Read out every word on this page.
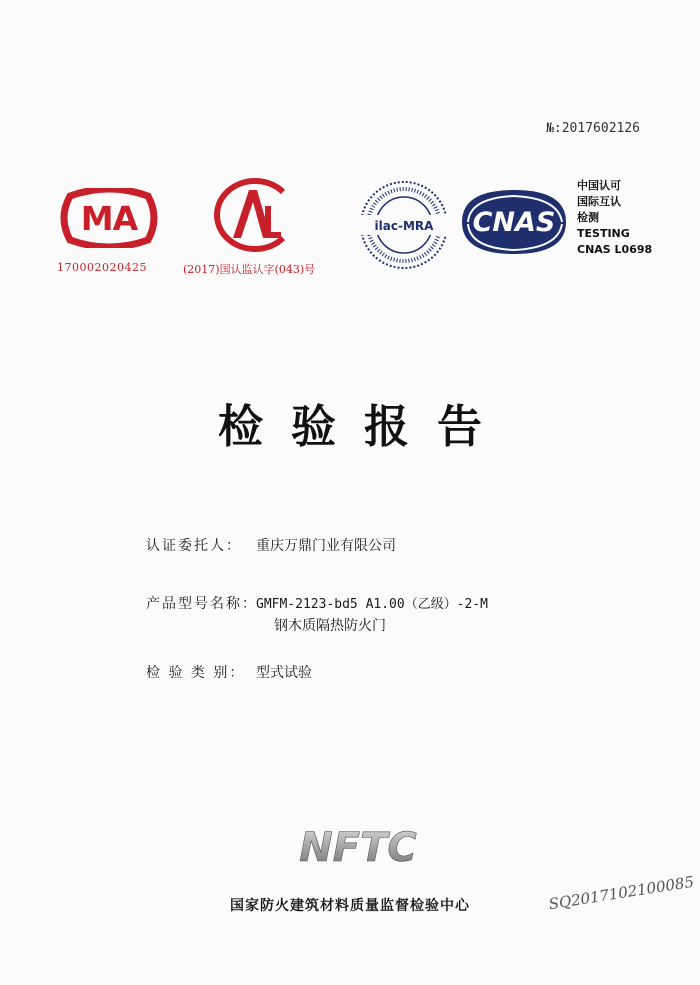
№:2017602126
MA
170002020425	(2017)国认监认字(043)号
ilac-MRA CNAS
中国认可
国际互认
检测
TESTING
CNAS L0698
检验报告
认证委托人： 重庆万鼎门业有限公司
产品型号名称：GMFM-2123-bd5 A1.00（乙级）-2-M
钢木质隔热防火门
检 验 类 别： 型式试验
NFTC
国家防火建筑材料质量监督检验中心	SQ2017102100085
